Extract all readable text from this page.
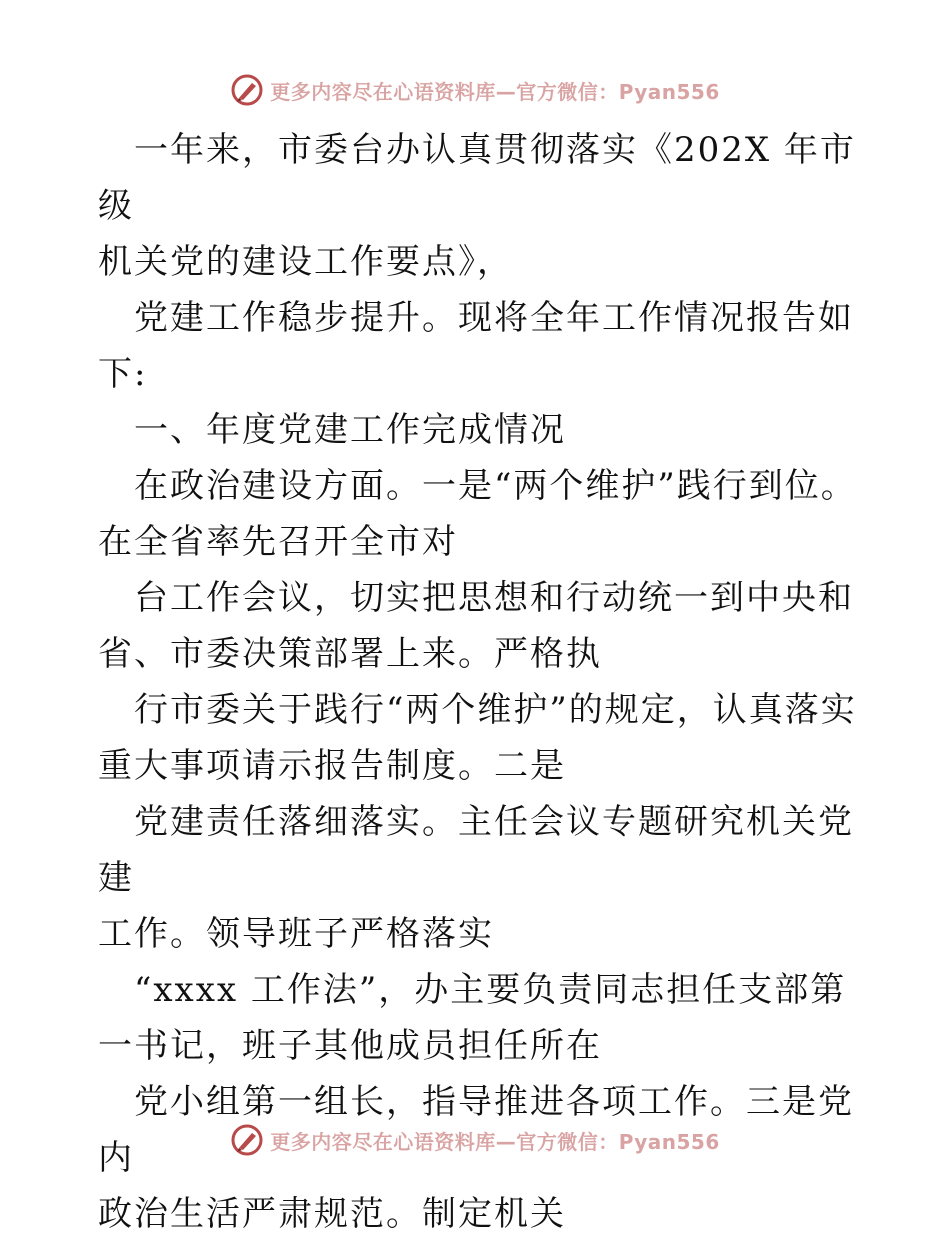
更多内容尽在心语资料库—官方微信：Pyan556

一年来，市委台办认真贯彻落实《202X 年市级
机关党的建设工作要点》，

党建工作稳步提升。现将全年工作情况报告如
下:

一、年度党建工作完成情况

在政治建设方面。一是“两个维护”践行到位。
在全省率先召开全市对

台工作会议，切实把思想和行动统一到中央和
省、市委决策部署上来。严格执

行市委关于践行“两个维护”的规定，认真落实
重大事项请示报告制度。二是

党建责任落细落实。主任会议专题研究机关党建
工作。领导班子严格落实

“xxxx 工作法”，办主要负责同志担任支部第
一书记，班子其他成员担任所在

党小组第一组长，指导推进各项工作。三是党内
政治生活严肃规范。制定机关

更多内容尽在心语资料库—官方微信：Pyan556
